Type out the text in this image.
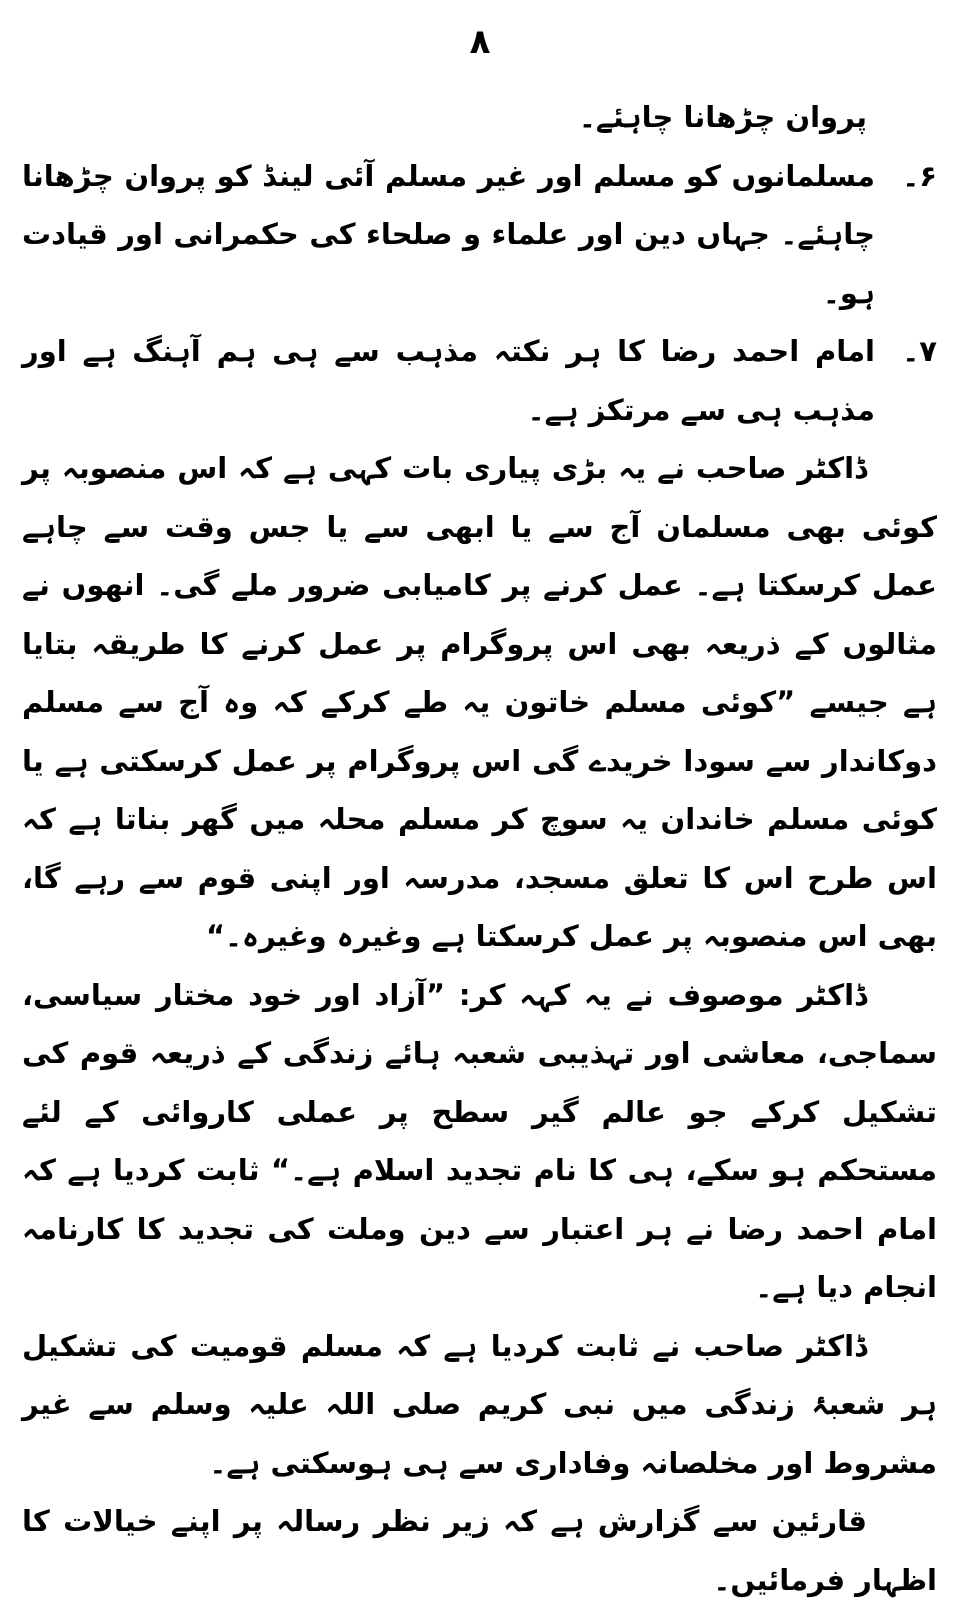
۸

پروان چڑھانا چاہئے۔

۶۔
مسلمانوں کو مسلم اور غیر مسلم آئی لینڈ کو پروان چڑھانا چاہئے۔ جہاں دین اور علماء و صلحاء کی حکمرانی اور قیادت ہو۔
۷۔
امام احمد رضا کا ہر نکتہ مذہب سے ہی ہم آہنگ ہے اور مذہب ہی سے مرتکز ہے۔

ڈاکٹر صاحب نے یہ بڑی پیاری بات کہی ہے کہ اس منصوبہ پر کوئی بھی مسلمان آج سے یا ابھی سے یا جس وقت سے چاہے عمل کرسکتا ہے۔ عمل کرنے پر کامیابی ضرور ملے گی۔ انھوں نے مثالوں کے ذریعہ بھی اس پروگرام پر عمل کرنے کا طریقہ بتایا ہے جیسے ”کوئی مسلم خاتون یہ طے کرکے کہ وہ آج سے مسلم دوکاندار سے سودا خریدے گی اس پروگرام پر عمل کرسکتی ہے یا کوئی مسلم خاندان یہ سوچ کر مسلم محلہ میں گھر بناتا ہے کہ اس طرح اس کا تعلق مسجد، مدرسہ اور اپنی قوم سے رہے گا، بھی اس منصوبہ پر عمل کرسکتا ہے وغیرہ وغیرہ۔“

ڈاکٹر موصوف نے یہ کہہ کر: ”آزاد اور خود مختار سیاسی، سماجی، معاشی اور تہذیبی شعبہ ہائے زندگی کے ذریعہ قوم کی تشکیل کرکے جو عالم گیر سطح پر عملی کاروائی کے لئے مستحکم ہو سکے، ہی کا نام تجدید اسلام ہے۔“ ثابت کردیا ہے کہ امام احمد رضا نے ہر اعتبار سے دین وملت کی تجدید کا کارنامہ انجام دیا ہے۔

ڈاکٹر صاحب نے ثابت کردیا ہے کہ مسلم قومیت کی تشکیل ہر شعبۂ زندگی میں نبی کریم صلی اللہ علیہ وسلم سے غیر مشروط اور مخلصانہ وفاداری سے ہی ہوسکتی ہے۔

قارئین سے گزارش ہے کہ زیر نظر رسالہ پر اپنے خیالات کا اظہار فرمائیں۔
